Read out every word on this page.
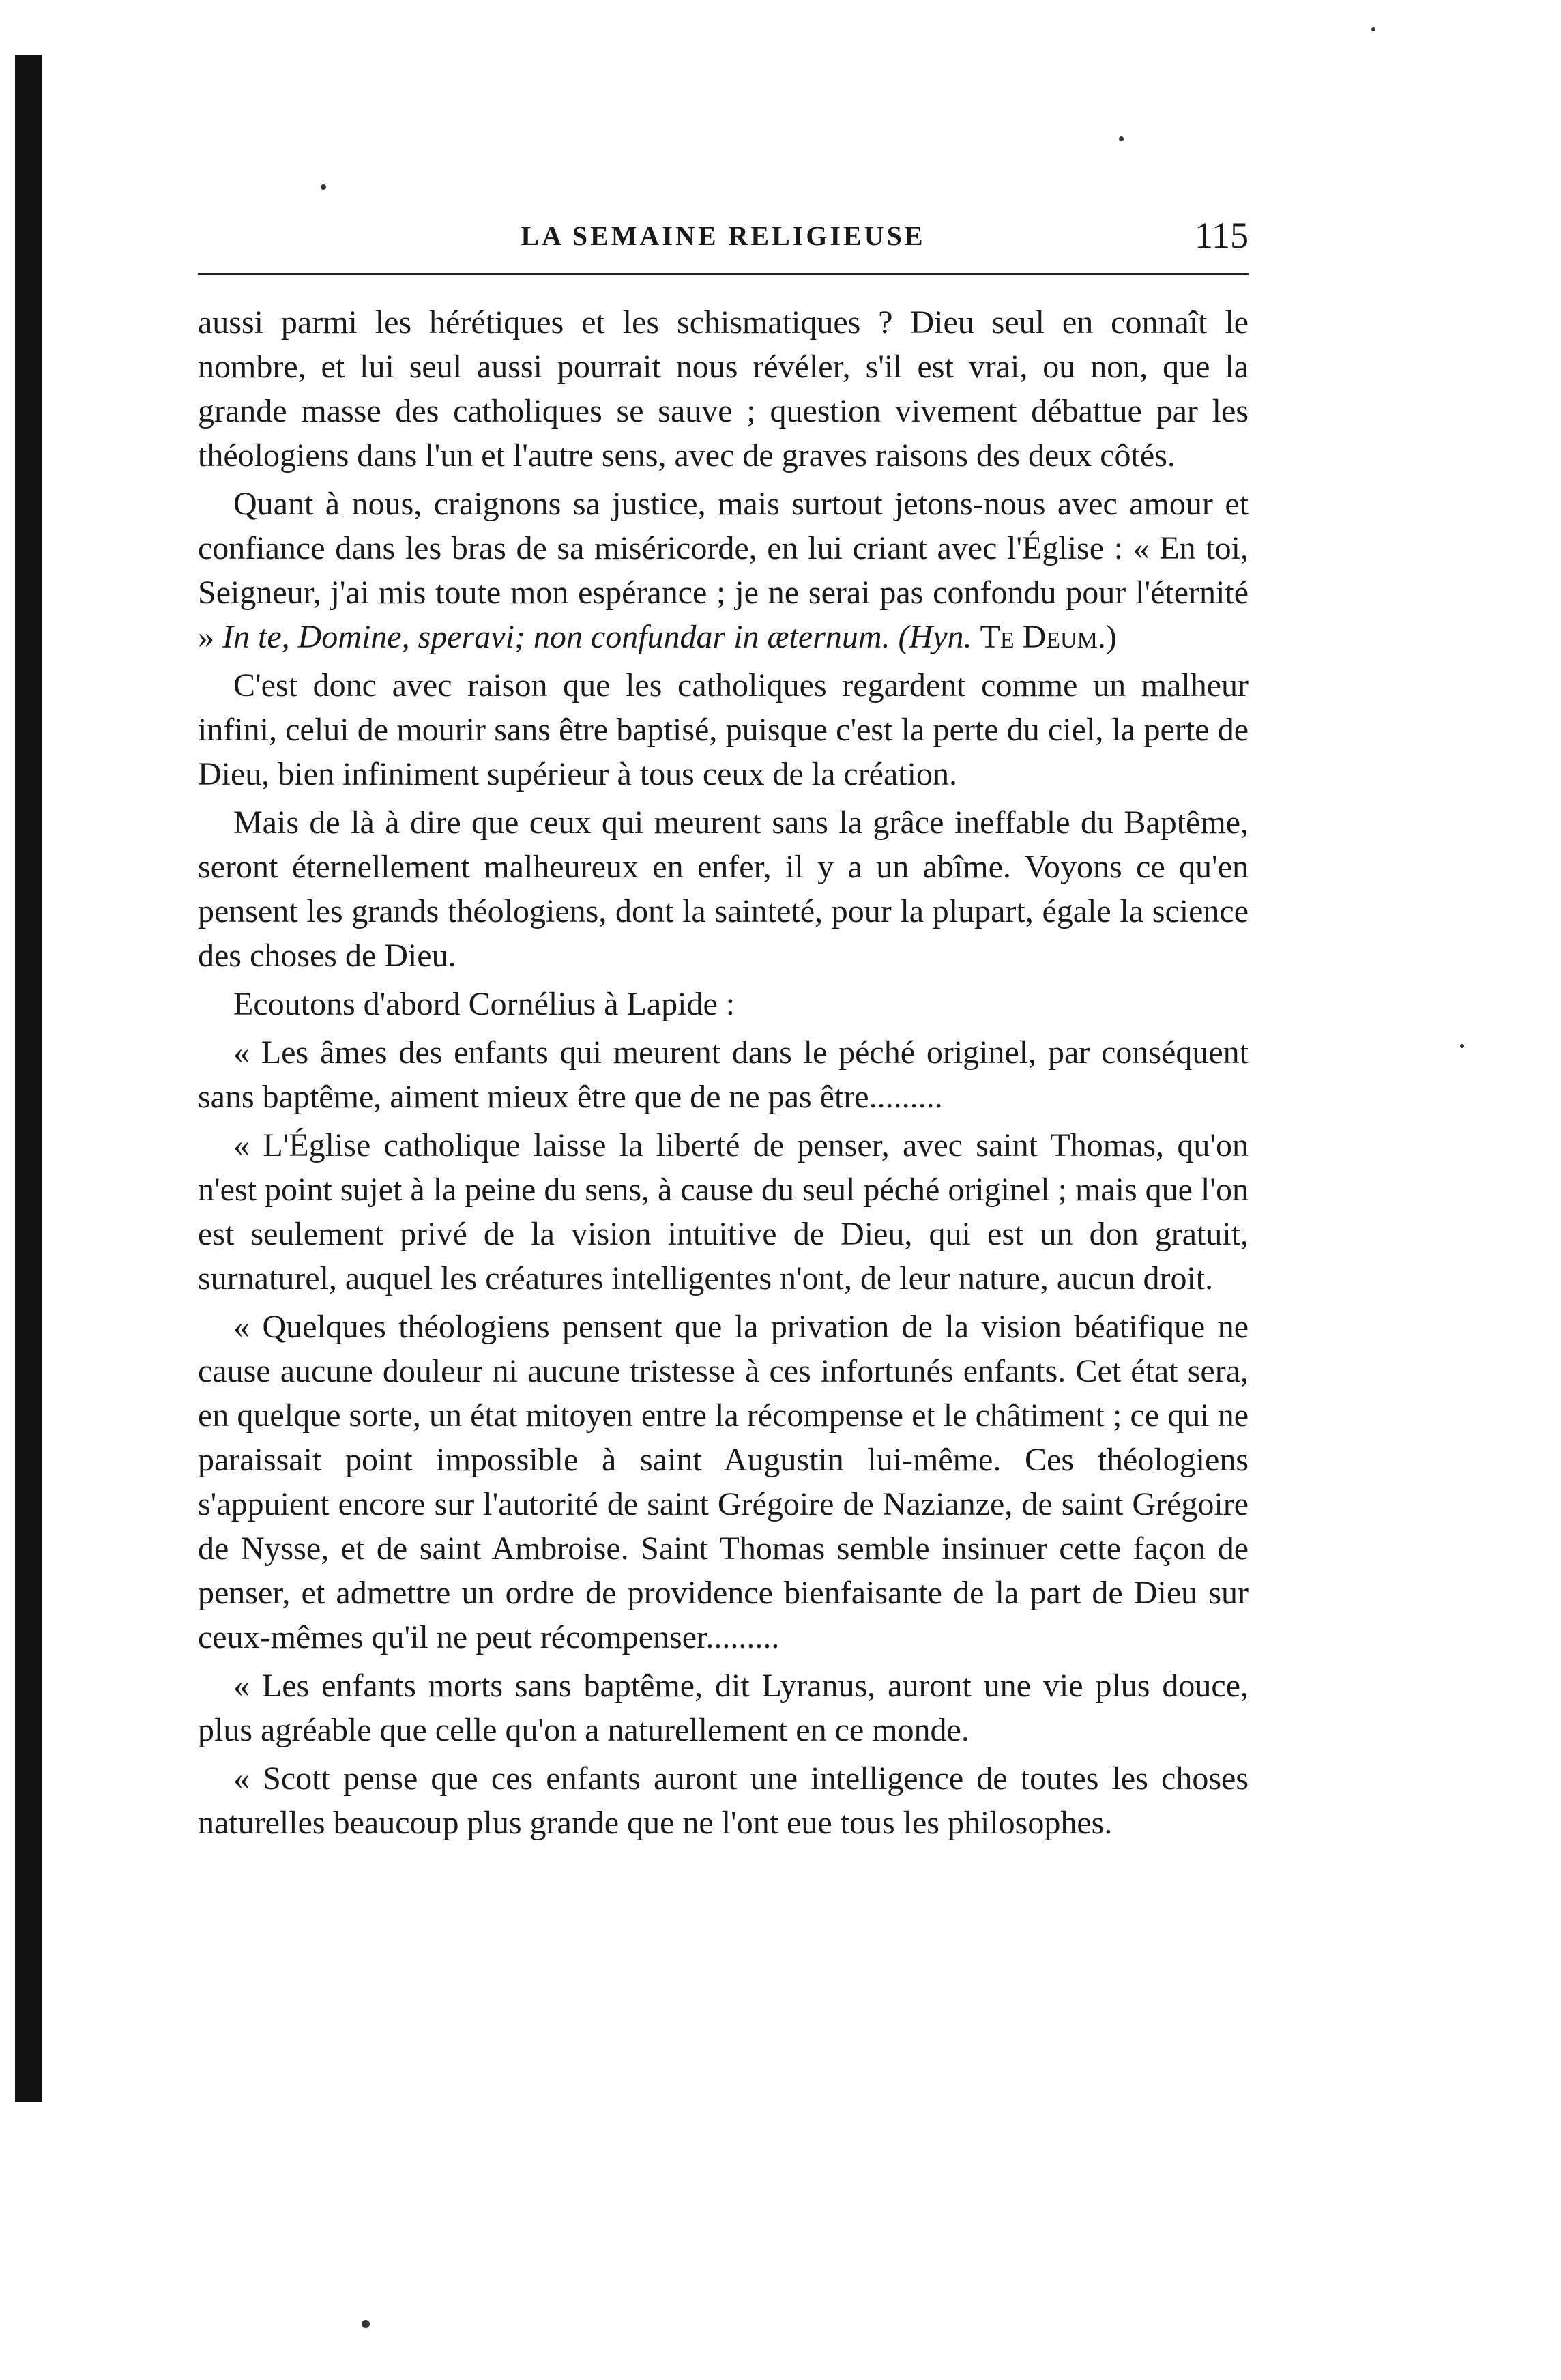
LA SEMAINE RELIGIEUSE	115

aussi parmi les hérétiques et les schismatiques ? Dieu seul en connaît le nombre, et lui seul aussi pourrait nous révéler, s'il est vrai, ou non, que la grande masse des catholiques se sauve ; question vivement débattue par les théologiens dans l'un et l'autre sens, avec de graves raisons des deux côtés.

Quant à nous, craignons sa justice, mais surtout jetons-nous avec amour et confiance dans les bras de sa miséricorde, en lui criant avec l'Église : « En toi, Seigneur, j'ai mis toute mon espérance ; je ne serai pas confondu pour l'éternité » In te, Domine, speravi; non confundar in æternum. (Hyn. Te Deum.)

C'est donc avec raison que les catholiques regardent comme un malheur infini, celui de mourir sans être baptisé, puisque c'est la perte du ciel, la perte de Dieu, bien infiniment supérieur à tous ceux de la création.

Mais de là à dire que ceux qui meurent sans la grâce ineffable du Baptême, seront éternellement malheureux en enfer, il y a un abîme. Voyons ce qu'en pensent les grands théologiens, dont la sainteté, pour la plupart, égale la science des choses de Dieu.

Ecoutons d'abord Cornélius à Lapide :

« Les âmes des enfants qui meurent dans le péché originel, par conséquent sans baptême, aiment mieux être que de ne pas être.........

« L'Église catholique laisse la liberté de penser, avec saint Thomas, qu'on n'est point sujet à la peine du sens, à cause du seul péché originel ; mais que l'on est seulement privé de la vision intuitive de Dieu, qui est un don gratuit, surnaturel, auquel les créatures intelligentes n'ont, de leur nature, aucun droit.

« Quelques théologiens pensent que la privation de la vision béatifique ne cause aucune douleur ni aucune tristesse à ces infortunés enfants. Cet état sera, en quelque sorte, un état mitoyen entre la récompense et le châtiment ; ce qui ne paraissait point impossible à saint Augustin lui-même. Ces théologiens s'appuient encore sur l'autorité de saint Grégoire de Nazianze, de saint Grégoire de Nysse, et de saint Ambroise. Saint Thomas semble insinuer cette façon de penser, et admettre un ordre de providence bienfaisante de la part de Dieu sur ceux-mêmes qu'il ne peut récompenser.........

« Les enfants morts sans baptême, dit Lyranus, auront une vie plus douce, plus agréable que celle qu'on a naturellement en ce monde.

« Scott pense que ces enfants auront une intelligence de toutes les choses naturelles beaucoup plus grande que ne l'ont eue tous les philosophes.
